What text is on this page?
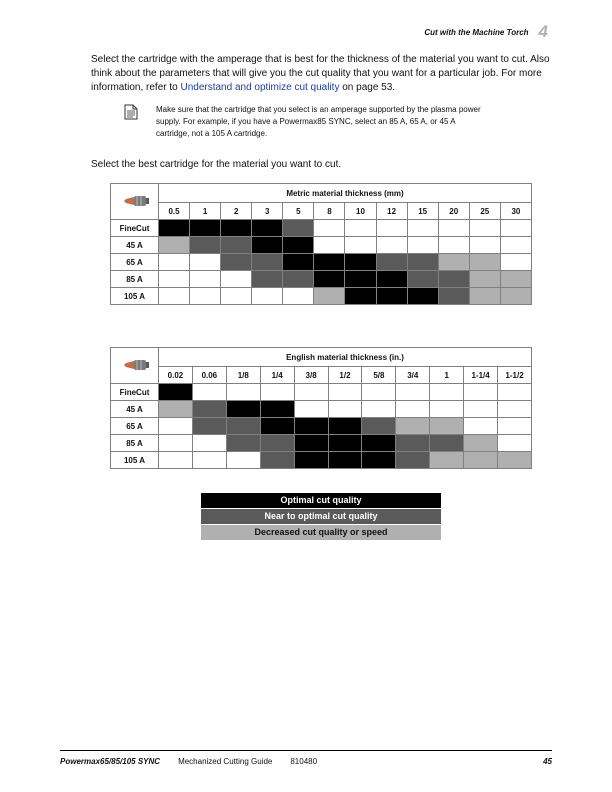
Cut with the Machine Torch 4
Select the cartridge with the amperage that is best for the thickness of the material you want to cut. Also think about the parameters that will give you the cut quality that you want for a particular job. For more information, refer to Understand and optimize cut quality on page 53.
Make sure that the cartridge that you select is an amperage supported by the plasma power supply. For example, if you have a Powermax85 SYNC, select an 85 A, 65 A, or 45 A cartridge, not a 105 A cartridge.
Select the best cartridge for the material you want to cut.
	Metric material thickness (mm)											
	0.5	1	2	3	5	8	10	12	15	20	25	30
FineCut												
45 A												
65 A												
85 A												
105 A												
	English material thickness (in.)										
	0.02	0.06	1/8	1/4	3/8	1/2	5/8	3/4	1	1-1/4	1-1/2
FineCut											
45 A											
65 A											
85 A											
105 A											
Optimal cut quality
Near to optimal cut quality
Decreased cut quality or speed
Powermax65/85/105 SYNC Mechanized Cutting Guide 810480	45
